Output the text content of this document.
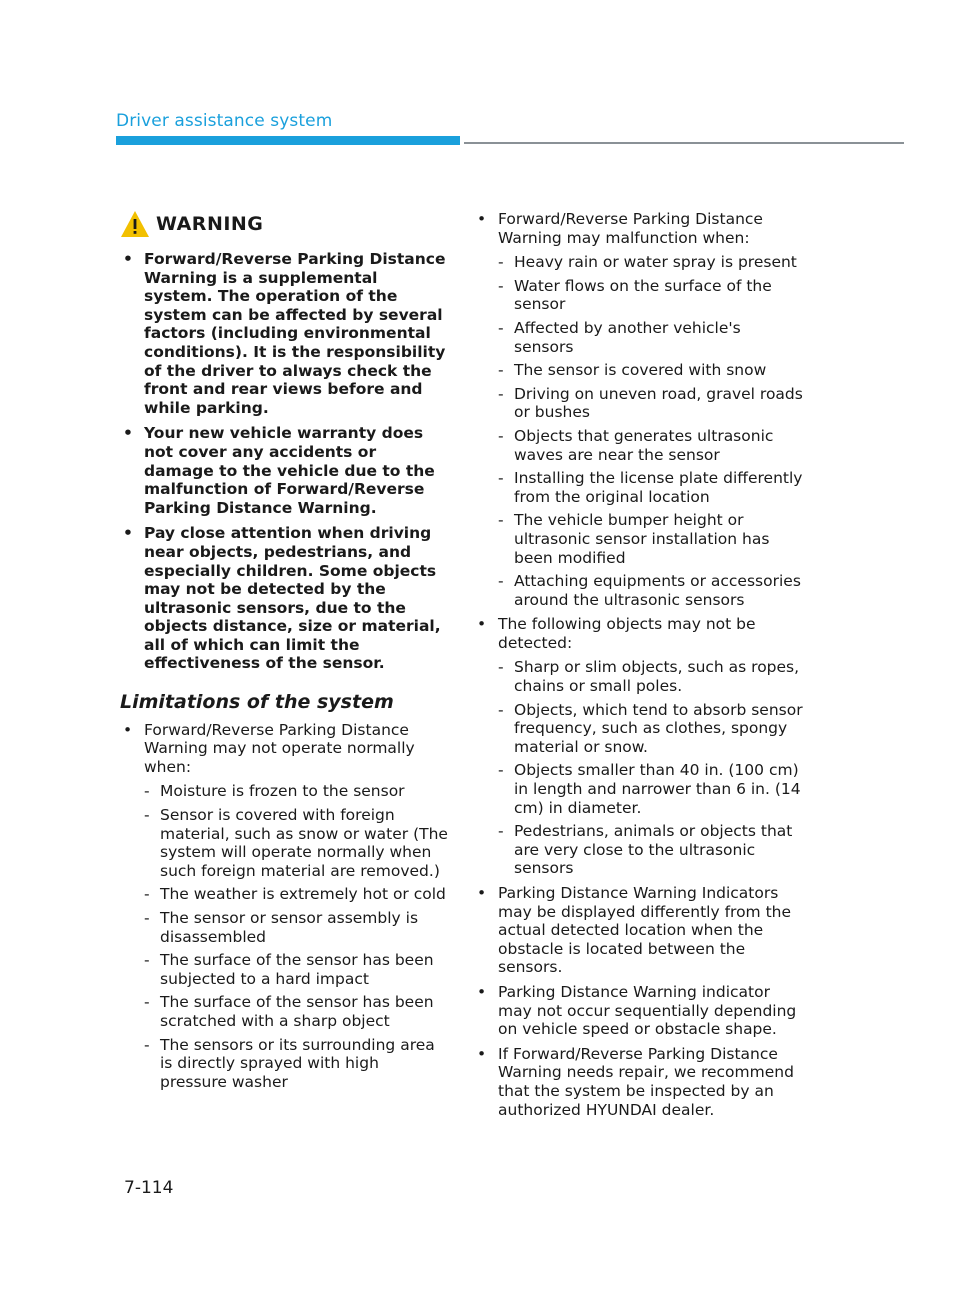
Driver assistance system
WARNING
• Forward/Reverse Parking Distance Warning is a supplemental system. The operation of the system can be affected by several factors (including environmental conditions). It is the responsibility of the driver to always check the front and rear views before and while parking.
• Your new vehicle warranty does not cover any accidents or damage to the vehicle due to the malfunction of Forward/Reverse Parking Distance Warning.
• Pay close attention when driving near objects, pedestrians, and especially children. Some objects may not be detected by the ultrasonic sensors, due to the objects distance, size or material, all of which can limit the effectiveness of the sensor.
Limitations of the system
• Forward/Reverse Parking Distance Warning may not operate normally when:
- Moisture is frozen to the sensor
- Sensor is covered with foreign material, such as snow or water (The system will operate normally when such foreign material are removed.)
- The weather is extremely hot or cold
- The sensor or sensor assembly is disassembled
- The surface of the sensor has been subjected to a hard impact
- The surface of the sensor has been scratched with a sharp object
- The sensors or its surrounding area is directly sprayed with high pressure washer
• Forward/Reverse Parking Distance Warning may malfunction when:
- Heavy rain or water spray is present
- Water flows on the surface of the sensor
- Affected by another vehicle's sensors
- The sensor is covered with snow
- Driving on uneven road, gravel roads or bushes
- Objects that generates ultrasonic waves are near the sensor
- Installing the license plate differently from the original location
- The vehicle bumper height or ultrasonic sensor installation has been modified
- Attaching equipments or accessories around the ultrasonic sensors
• The following objects may not be detected:
- Sharp or slim objects, such as ropes, chains or small poles.
- Objects, which tend to absorb sensor frequency, such as clothes, spongy material or snow.
- Objects smaller than 40 in. (100 cm) in length and narrower than 6 in. (14 cm) in diameter.
- Pedestrians, animals or objects that are very close to the ultrasonic sensors
• Parking Distance Warning Indicators may be displayed differently from the actual detected location when the obstacle is located between the sensors.
• Parking Distance Warning indicator may not occur sequentially depending on vehicle speed or obstacle shape.
• If Forward/Reverse Parking Distance Warning needs repair, we recommend that the system be inspected by an authorized HYUNDAI dealer.
7-114
